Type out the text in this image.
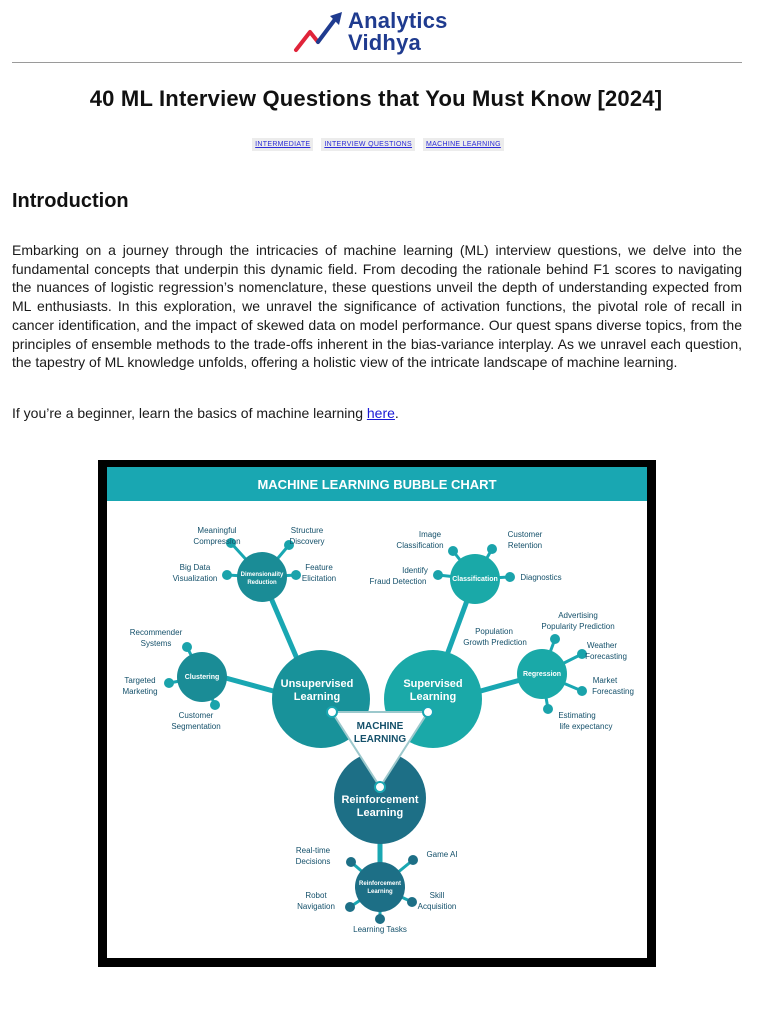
Analytics
Vidhya
40 ML Interview Questions that You Must Know [2024]
INTERMEDIATE INTERVIEW QUESTIONS MACHINE LEARNING
Introduction

Embarking on a journey through the intricacies of machine learning (ML) interview questions, we delve into the fundamental concepts that underpin this dynamic field. From decoding the rationale behind F1 scores to navigating the nuances of logistic regression’s nomenclature, these questions unveil the depth of understanding expected from ML enthusiasts. In this exploration, we unravel the significance of activation functions, the pivotal role of recall in cancer identification, and the impact of skewed data on model performance. Our quest spans diverse topics, from the principles of ensemble methods to the trade-offs inherent in the bias-variance interplay. As we unravel each question, the tapestry of ML knowledge unfolds, offering a holistic view of the intricate landscape of machine learning.

If you’re a beginner, learn the basics of machine learning here.

MACHINE LEARNING BUBBLE CHART
MACHINE
LEARNING
Unsupervised
Learning
Supervised
Learning
Reinforcement
Learning
Dimensionality
Reduction
Clustering
Classification
Regression
Reinforcement
Learning
Meaningful
Compression
Structure
Discovery
Big Data
Visualization
Feature
Elicitation
Recommender
Systems
Targeted
Marketing
Customer
Segmentation
Image
Classification
Customer
Retention
Identify
Fraud Detection	Diagnostics
Advertising
Popularity Prediction
Population
Growth Prediction	Weather
Forecasting
Market
Forecasting
Estimating
life expectancy
Real-time
Decisions
Game AI
Robot
Navigation
Skill
Acquisition
Learning Tasks
